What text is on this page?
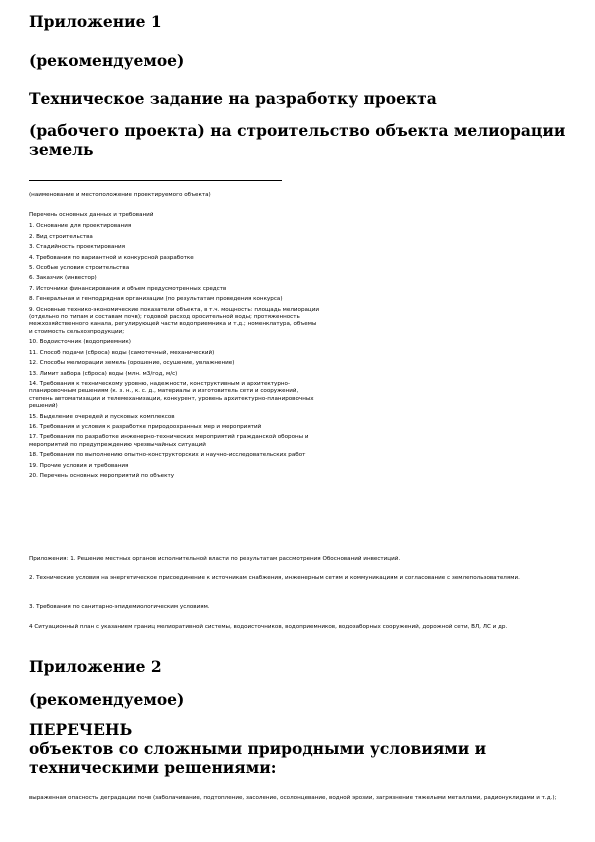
Приложение 1

(рекомендуемое)

Техническое задание на разработку проекта

(рабочего проекта) на строительство объекта мелиорации земель

(наименование и местоположение проектируемого объекта)

Перечень основных данных и требований

1. Основание для проектирования

2. Вид строительства

3. Стадийность проектирования

4. Требования по вариантной и конкурсной разработке

5. Особые условия строительства

6. Заказчик (инвестор)

7. Источники финансирования и объем предусмотренных средств

8. Генеральная и генподрядная организации (по результатам проведения конкурса)

9. Основные технико-экономические показатели объекта, в т.ч. мощность: площадь мелиорации (отдельно по типам и составам почв); годовой расход оросительной воды; протяженность межхозяйственного канала, регулирующей части водоприемника и т.д.; номенклатура, объемы и стоимость сельхозпродукции;

10. Водоисточник (водоприемник)

11. Способ подачи (сброса) воды (самотечный, механический)

12. Способы мелиорации земель (орошение, осушение, увлажнение)

13. Лимит забора (сброса) воды (млн. м3/год, м/с)

14. Требования к техническому уровню, надежности, конструктивным и архитектурно-планировочным решениям (к. з. н., к. с. д., материалы и изготовитель сети и сооружений, степень автоматизации и телемеханизации, конкурент, уровень архитектурно-планировочных решений)

15. Выделение очередей и пусковых комплексов

16. Требования и условия к разработке природоохранных мер и мероприятий

17. Требования по разработке инженерно-технических мероприятий гражданской обороны и мероприятий по предупреждению чрезвычайных ситуаций

18. Требования по выполнению опытно-конструкторских и научно-исследовательских работ

19. Прочие условия и требования

20. Перечень основных мероприятий по объекту

Приложения: 1. Решение местных органов исполнительной власти по результатам рассмотрения Обоснований инвестиций.

2. Технические условия на энергетическое присоединение к источникам снабжения, инженерным сетям и коммуникациям и согласование с землепользователями.

3. Требования по санитарно-эпидемиологическим условиям.

4 Ситуационный план с указанием границ мелиоративной системы, водоисточников, водоприемников, водозаборных сооружений, дорожной сети, ВЛ, ЛС и др.

Приложение 2

(рекомендуемое)

ПЕРЕЧЕНЬ
объектов со сложными природными условиями и техническими решениями:

выраженная опасность деградации почв (заболачивание, подтопление, засоление, осолонцевание, водной эрозии, загрязнение тяжелыми металлами, радионуклидами и т.д.);
